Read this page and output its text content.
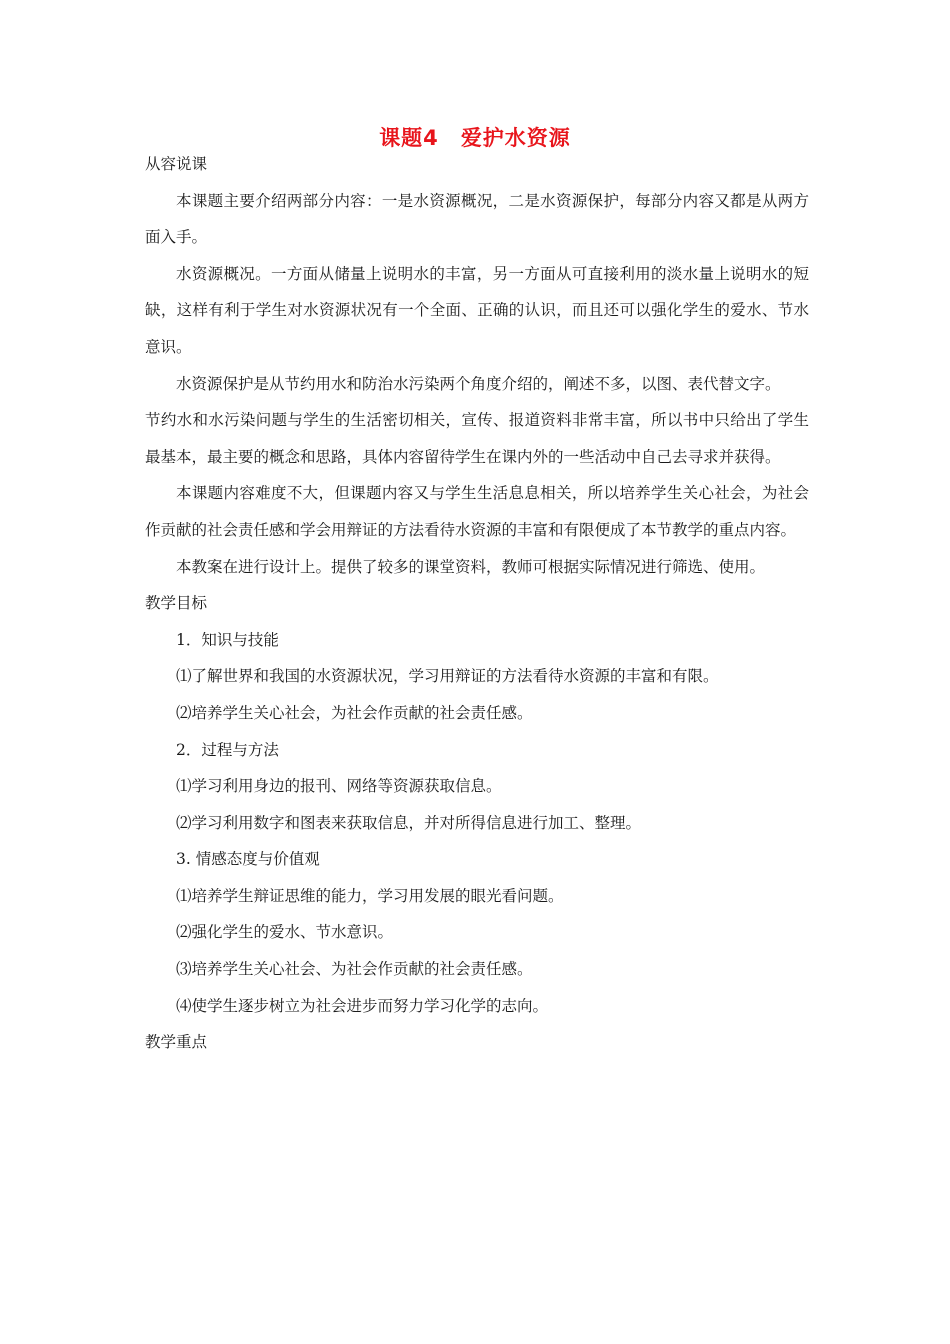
课题4 爱护水资源

从容说课

本课题主要介绍两部分内容：一是水资源概况，二是水资源保护，每部分内容又都是从两方面入手。

水资源概况。一方面从储量上说明水的丰富，另一方面从可直接利用的淡水量上说明水的短缺，这样有利于学生对水资源状况有一个全面、正确的认识，而且还可以强化学生的爱水、节水意识。

水资源保护是从节约用水和防治水污染两个角度介绍的，阐述不多，以图、表代替文字。

节约水和水污染问题与学生的生活密切相关，宣传、报道资料非常丰富，所以书中只给出了学生最基本，最主要的概念和思路，具体内容留待学生在课内外的一些活动中自己去寻求并获得。

本课题内容难度不大，但课题内容又与学生生活息息相关，所以培养学生关心社会，为社会作贡献的社会责任感和学会用辩证的方法看待水资源的丰富和有限便成了本节教学的重点内容。

本教案在进行设计上。提供了较多的课堂资料，教师可根据实际情况进行筛选、使用。

教学目标

1．知识与技能

⑴了解世界和我国的水资源状况，学习用辩证的方法看待水资源的丰富和有限。

⑵培养学生关心社会，为社会作贡献的社会责任感。

2．过程与方法

⑴学习利用身边的报刊、网络等资源获取信息。

⑵学习利用数字和图表来获取信息，并对所得信息进行加工、整理。

3. 情感态度与价值观

⑴培养学生辩证思维的能力，学习用发展的眼光看问题。

⑵强化学生的爱水、节水意识。

⑶培养学生关心社会、为社会作贡献的社会责任感。

⑷使学生逐步树立为社会进步而努力学习化学的志向。

教学重点
